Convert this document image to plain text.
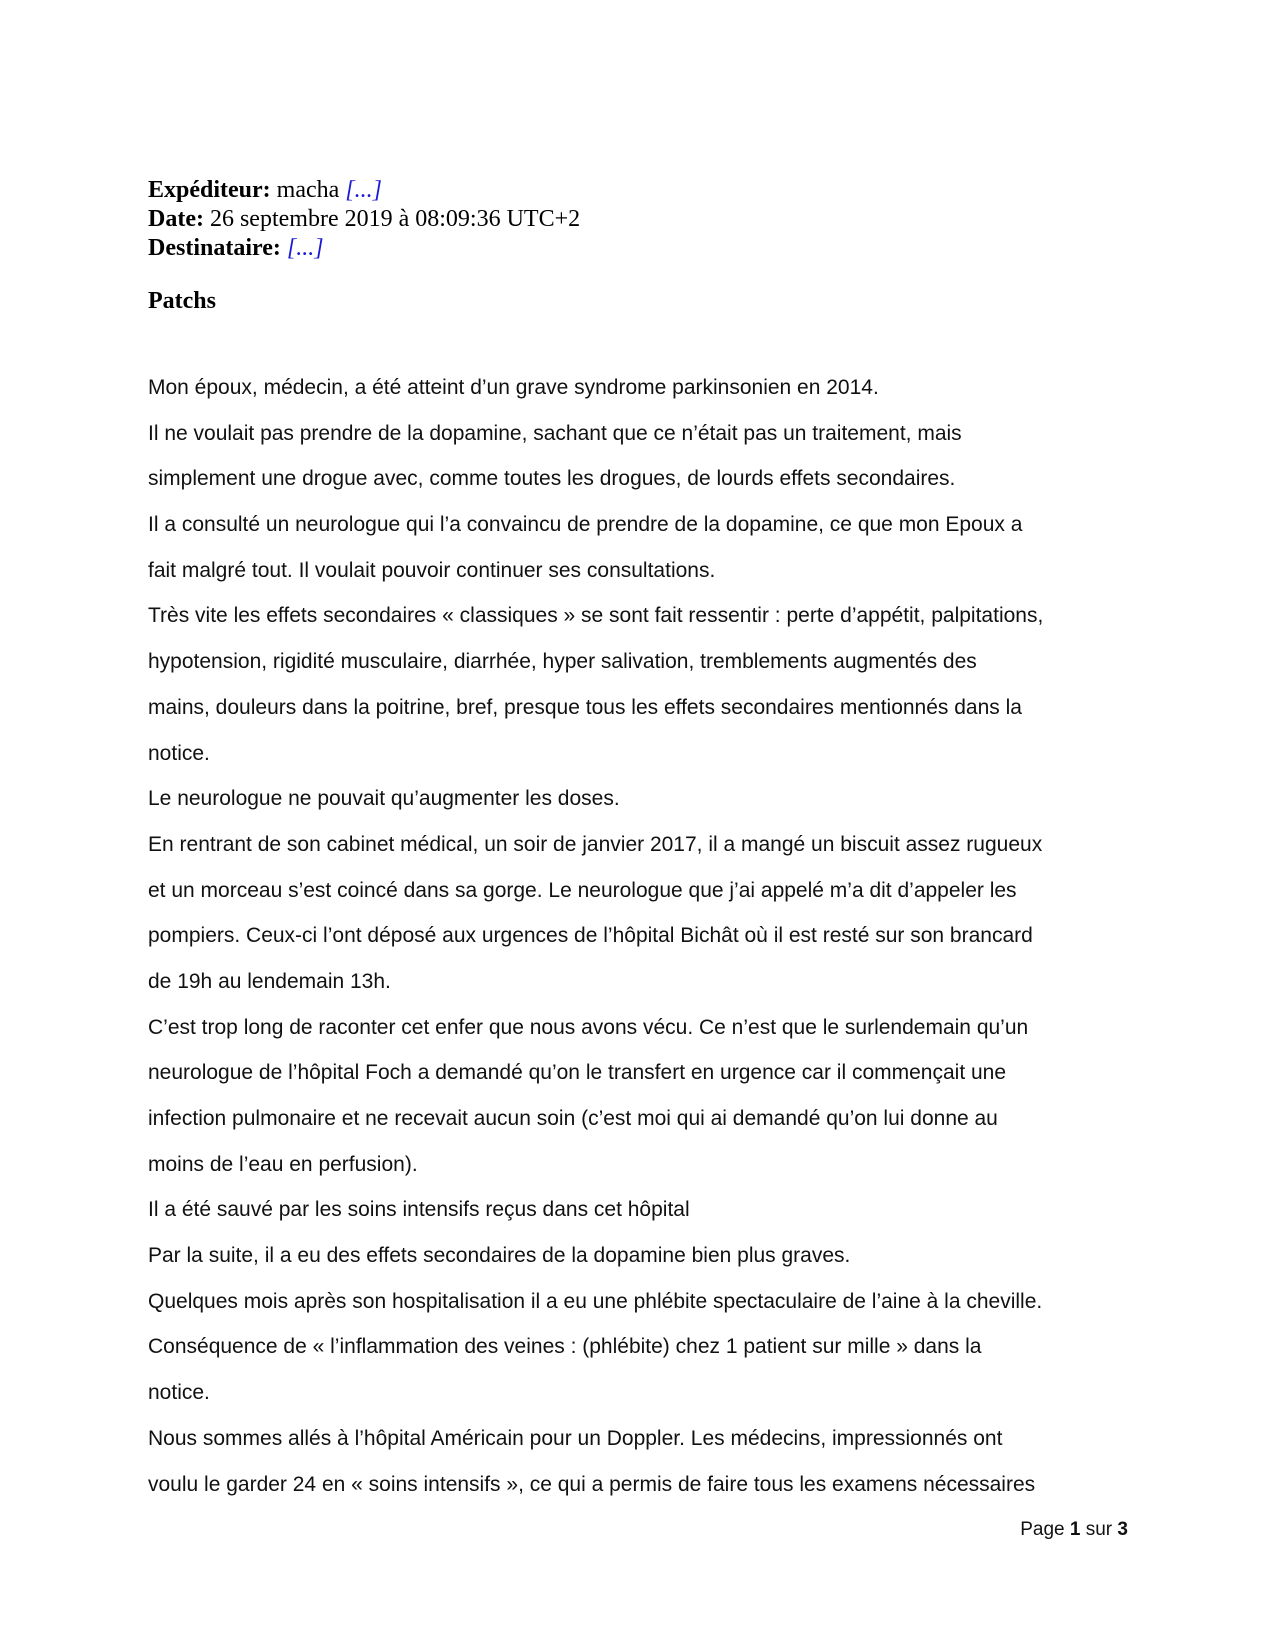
Expéditeur: macha [...]
Date: 26 septembre 2019 à 08:09:36 UTC+2
Destinataire: [...]
Patchs
Mon époux, médecin, a été atteint d’un grave syndrome parkinsonien en 2014.
Il ne voulait pas prendre de la dopamine, sachant que ce n’était pas un traitement, mais
simplement une drogue avec, comme toutes les drogues, de lourds effets secondaires.
Il a consulté un neurologue qui l’a convaincu de prendre de la dopamine, ce que mon Epoux a
fait malgré tout. Il voulait pouvoir continuer ses consultations.
Très vite les effets secondaires « classiques » se sont fait ressentir : perte d’appétit, palpitations,
hypotension, rigidité musculaire, diarrhée, hyper salivation, tremblements augmentés des
mains, douleurs dans la poitrine, bref, presque tous les effets secondaires mentionnés dans la
notice.
Le neurologue ne pouvait qu’augmenter les doses.
En rentrant de son cabinet médical, un soir de janvier 2017, il a mangé un biscuit assez rugueux
et un morceau s’est coincé dans sa gorge. Le neurologue que j’ai appelé m’a dit d’appeler les
pompiers. Ceux-ci l’ont déposé aux urgences de l’hôpital Bichât où il est resté sur son brancard
de 19h au lendemain 13h.
C’est trop long de raconter cet enfer que nous avons vécu. Ce n’est que le surlendemain qu’un
neurologue de l’hôpital Foch a demandé qu’on le transfert en urgence car il commençait une
infection pulmonaire et ne recevait aucun soin (c’est moi qui ai demandé qu’on lui donne au
moins de l’eau en perfusion).
Il a été sauvé par les soins intensifs reçus dans cet hôpital
Par la suite, il a eu des effets secondaires de la dopamine bien plus graves.
Quelques mois après son hospitalisation il a eu une phlébite spectaculaire de l’aine à la cheville.
Conséquence de « l’inflammation des veines : (phlébite) chez 1 patient sur mille » dans la
notice.
Nous sommes allés à l’hôpital Américain pour un Doppler. Les médecins, impressionnés ont
voulu le garder 24 en « soins intensifs », ce qui a permis de faire tous les examens nécessaires
Page 1 sur 3
